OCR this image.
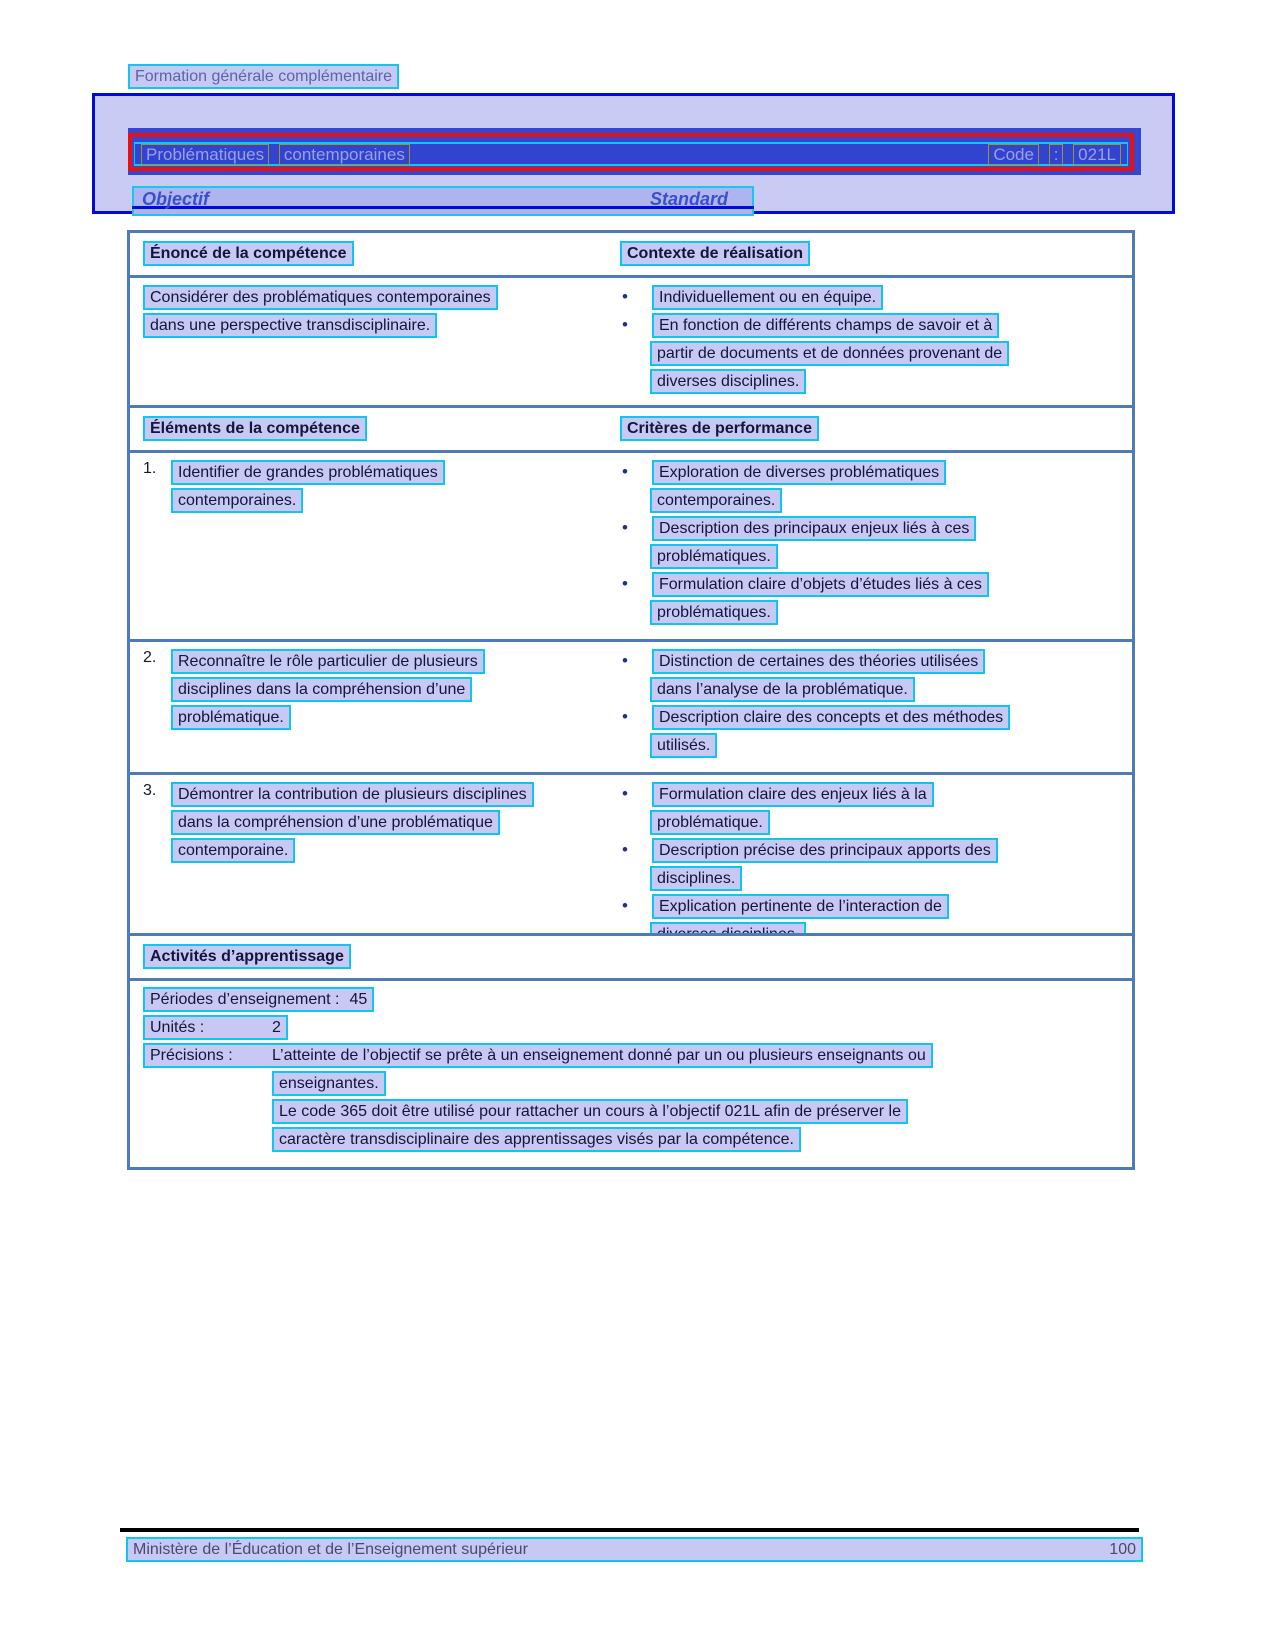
Formation générale complémentaire
Problématiques contemporaines	Code : 021L
Objectif	Standard
Énoncé de la compétence	Contexte de réalisation
Considérer des problématiques contemporaines
dans une perspective transdisciplinaire.
•	Individuellement ou en équipe.
•	En fonction de différents champs de savoir et à
partir de documents et de données provenant de
diverses disciplines.
Éléments de la compétence	Critères de performance
1.	Identifier de grandes problématiques
contemporaines.
•	Exploration de diverses problématiques
contemporaines.
•	Description des principaux enjeux liés à ces
problématiques.
•	Formulation claire d’objets d’études liés à ces
problématiques.
2.	Reconnaître le rôle particulier de plusieurs
disciplines dans la compréhension d’une
problématique.
•	Distinction de certaines des théories utilisées
dans l’analyse de la problématique.
•	Description claire des concepts et des méthodes
utilisés.
3.	Démontrer la contribution de plusieurs disciplines
dans la compréhension d’une problématique
contemporaine.
•	Formulation claire des enjeux liés à la
problématique.
•	Description précise des principaux apports des
disciplines.
•	Explication pertinente de l’interaction de
Activités d’apprentissage
Périodes d’enseignement : 45
Unités :	2
Précisions : L’atteinte de l’objectif se prête à un enseignement donné par un ou plusieurs enseignants ou
enseignantes.
Le code 365 doit être utilisé pour rattacher un cours à l’objectif 021L afin de préserver le
caractère transdisciplinaire des apprentissages visés par la compétence.
Ministère de l’Éducation et de l’Enseignement supérieur	100
